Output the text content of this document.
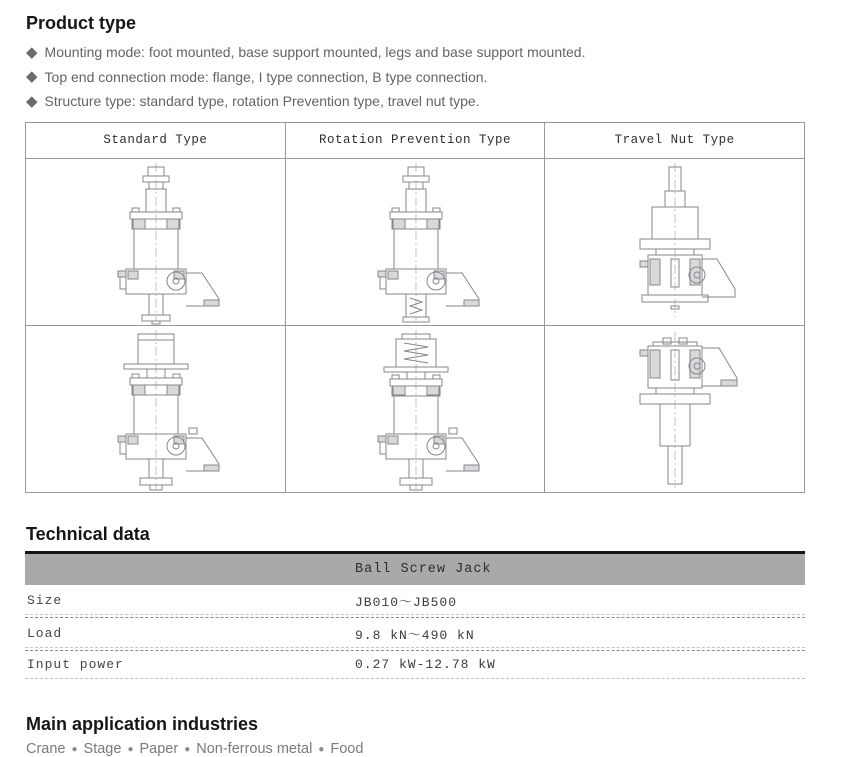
Product type
◆ Mounting mode: foot mounted, base support mounted, legs and base support mounted.
◆ Top end connection mode: flange, I type connection, B type connection.
◆ Structure type: standard type, rotation Prevention type, travel nut type.
Standard Type	Rotation Prevention Type	Travel Nut Type

Technical data
Ball Screw Jack
Size	JB010～JB500
Load	9.8 kN～490 kN
Input power	0.27 kW-12.78 kW
Main application industries

Crane ● Stage ● Paper ● Non-ferrous metal ● Food
